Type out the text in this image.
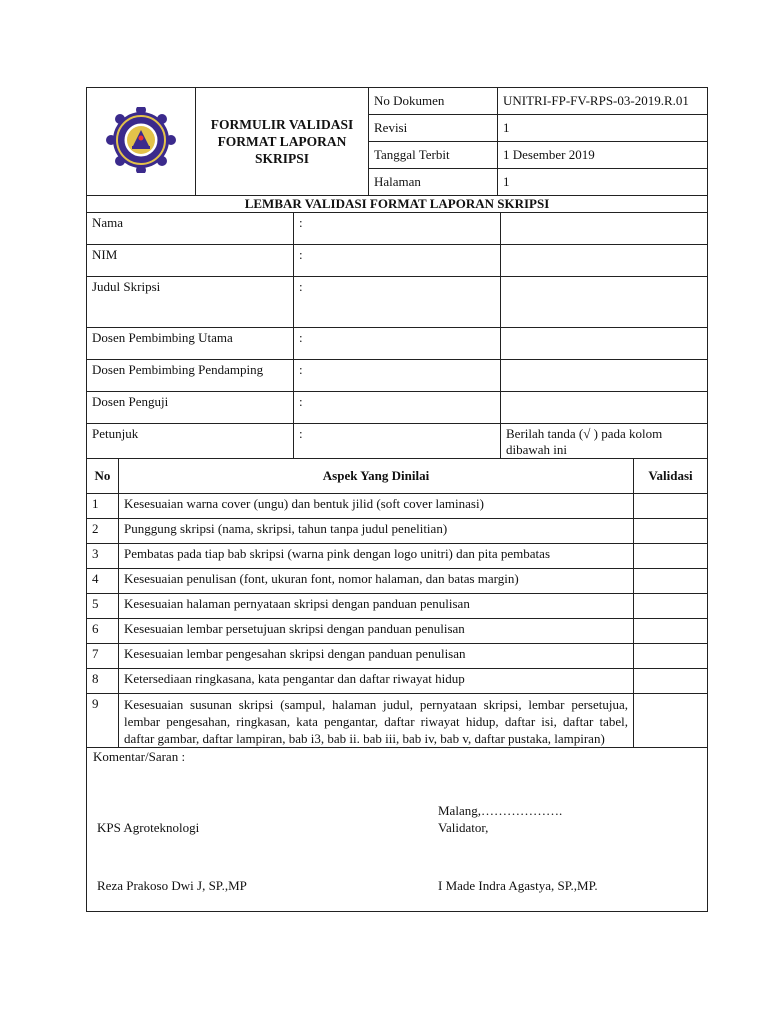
	FORMULIR VALIDASI FORMAT LAPORAN SKRIPSI	No Dokumen	UNITRI-FP-FV-RPS-03-2019.R.01
		Revisi	1
		Tanggal Terbit	1 Desember 2019
		Halaman	1
LEMBAR VALIDASI FORMAT LAPORAN SKRIPSI		
Nama	:	
NIM	:	
Judul Skripsi	:	
Dosen Pembimbing Utama	:	
Dosen Pembimbing Pendamping	:	
Dosen Penguji	:	
Petunjuk	:	Berilah tanda (√ ) pada kolom dibawah ini
No	Aspek Yang Dinilai	Validasi
1	Kesesuaian warna cover (ungu) dan bentuk jilid (soft cover laminasi)	
2	Punggung skripsi (nama, skripsi, tahun tanpa judul penelitian)	
3	Pembatas pada tiap bab skripsi (warna pink dengan logo unitri) dan pita pembatas	
4	Kesesuaian penulisan (font, ukuran font, nomor halaman, dan batas margin)	
5	Kesesuaian halaman pernyataan skripsi dengan panduan penulisan	
6	Kesesuaian lembar persetujuan skripsi dengan panduan penulisan	
7	Kesesuaian lembar pengesahan skripsi dengan panduan penulisan	
8	Ketersediaan ringkasana, kata pengantar dan daftar riwayat hidup	
9	Kesesuaian susunan skripsi (sampul, halaman judul, pernyataan skripsi, lembar persetujua, lembar pengesahan, ringkasan, kata pengantar, daftar riwayat hidup, daftar isi, daftar tabel, daftar gambar, daftar lampiran, bab i3, bab ii. bab iii, bab iv, bab v, daftar pustaka, lampiran)	
Komentar/Saran :
Malang,……………….
Validator,
KPS Agroteknologi
Reza Prakoso Dwi J, SP.,MP	I Made Indra Agastya, SP.,MP.
